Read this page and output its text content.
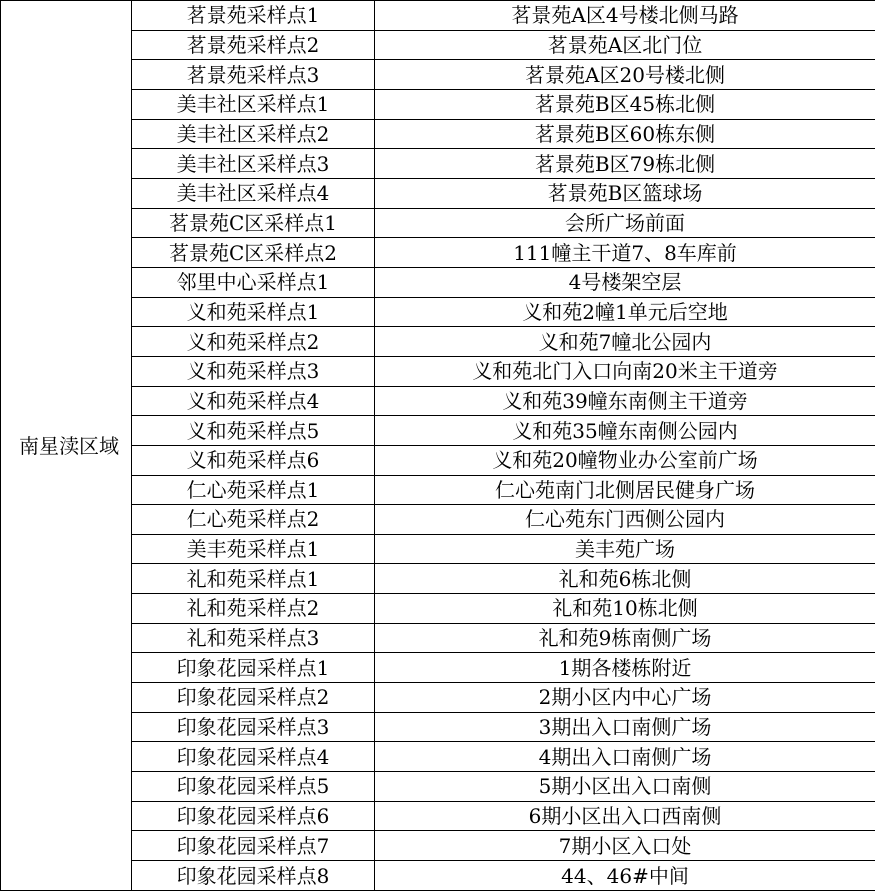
南星渎区域	茗景苑采样点1	茗景苑A区4号楼北侧马路
	茗景苑采样点2	茗景苑A区北门位
	茗景苑采样点3	茗景苑A区20号楼北侧
	美丰社区采样点1	茗景苑B区45栋北侧
	美丰社区采样点2	茗景苑B区60栋东侧
	美丰社区采样点3	茗景苑B区79栋北侧
	美丰社区采样点4	茗景苑B区篮球场
	茗景苑C区采样点1	会所广场前面
	茗景苑C区采样点2	111幢主干道7、8车库前
	邻里中心采样点1	4号楼架空层
	义和苑采样点1	义和苑2幢1单元后空地
	义和苑采样点2	义和苑7幢北公园内
	义和苑采样点3	义和苑北门入口向南20米主干道旁
	义和苑采样点4	义和苑39幢东南侧主干道旁
	义和苑采样点5	义和苑35幢东南侧公园内
	义和苑采样点6	义和苑20幢物业办公室前广场
	仁心苑采样点1	仁心苑南门北侧居民健身广场
	仁心苑采样点2	仁心苑东门西侧公园内
	美丰苑采样点1	美丰苑广场
	礼和苑采样点1	礼和苑6栋北侧
	礼和苑采样点2	礼和苑10栋北侧
	礼和苑采样点3	礼和苑9栋南侧广场
	印象花园采样点1	1期各楼栋附近
	印象花园采样点2	2期小区内中心广场
	印象花园采样点3	3期出入口南侧广场
	印象花园采样点4	4期出入口南侧广场
	印象花园采样点5	5期小区出入口南侧
	印象花园采样点6	6期小区出入口西南侧
	印象花园采样点7	7期小区入口处
	印象花园采样点8	44、46#中间
